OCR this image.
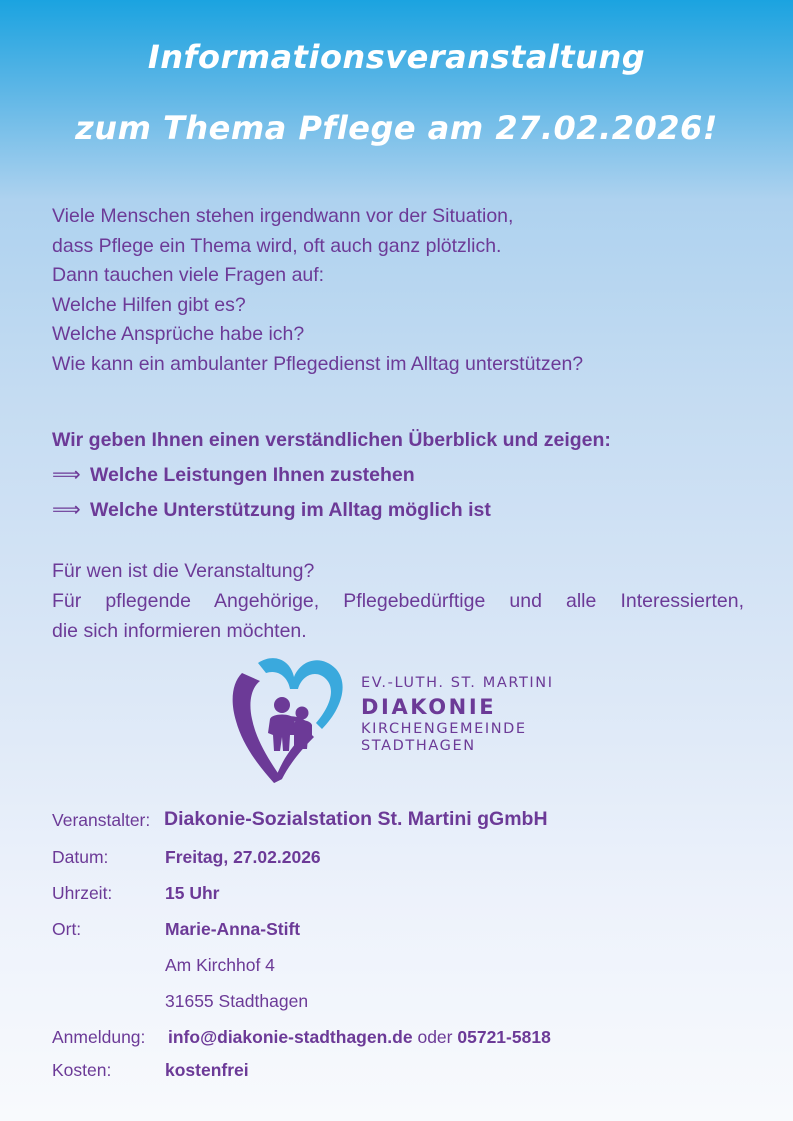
Informationsveranstaltung
zum Thema Pflege am 27.02.2026!
Viele Menschen stehen irgendwann vor der Situation,
dass Pflege ein Thema wird, oft auch ganz plötzlich.
Dann tauchen viele Fragen auf:
Welche Hilfen gibt es?
Welche Ansprüche habe ich?
Wie kann ein ambulanter Pflegedienst im Alltag unterstützen?
Wir geben Ihnen einen verständlichen Überblick und zeigen:
⟹ Welche Leistungen Ihnen zustehen
⟹ Welche Unterstützung im Alltag möglich ist
Für wen ist die Veranstaltung?
Für pflegende Angehörige, Pflegebedürftige und alle Interessierten,
die sich informieren möchten.
EV.-LUTH. ST. MARTINI
DIAKONIE
KIRCHENGEMEINDE
STADTHAGEN
Veranstalter: Diakonie-Sozialstation St. Martini gGmbH
Datum:	Freitag, 27.02.2026
Uhrzeit:	15 Uhr
Ort:	Marie-Anna-Stift
Am Kirchhof 4
31655 Stadthagen
Anmeldung: info@diakonie-stadthagen.de oder 05721-5818
Kosten:	kostenfrei
